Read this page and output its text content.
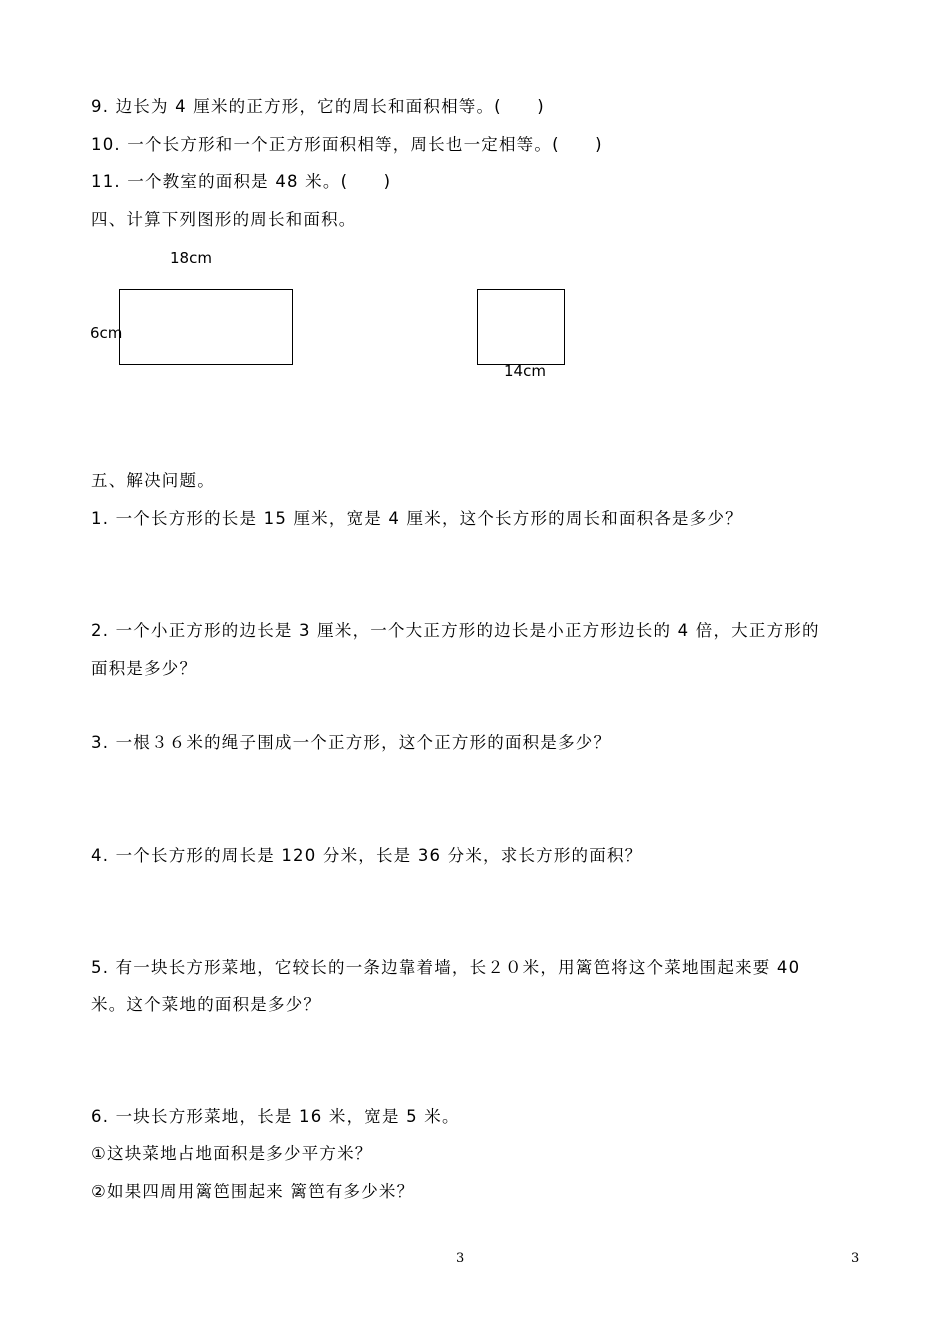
9. 边长为 4 厘米的正方形，它的周长和面积相等。(　　)
10. 一个长方形和一个正方形面积相等，周长也一定相等。(　　)
11. 一个教室的面积是 48 米。(　　)
四、计算下列图形的周长和面积。
18cm
6cm
14cm
五、解决问题。
1. 一个长方形的长是 15 厘米，宽是 4 厘米，这个长方形的周长和面积各是多少？
2. 一个小正方形的边长是 3 厘米，一个大正方形的边长是小正方形边长的 4 倍，大正方形的
面积是多少？
3. 一根３６米的绳子围成一个正方形，这个正方形的面积是多少？
4. 一个长方形的周长是 120 分米，长是 36 分米，求长方形的面积？
5. 有一块长方形菜地，它较长的一条边靠着墙，长２０米，用篱笆将这个菜地围起来要 40
米。这个菜地的面积是多少？
6. 一块长方形菜地，长是 16 米，宽是 5 米。
①这块菜地占地面积是多少平方米？
②如果四周用篱笆围起来 篱笆有多少米？
3	3
